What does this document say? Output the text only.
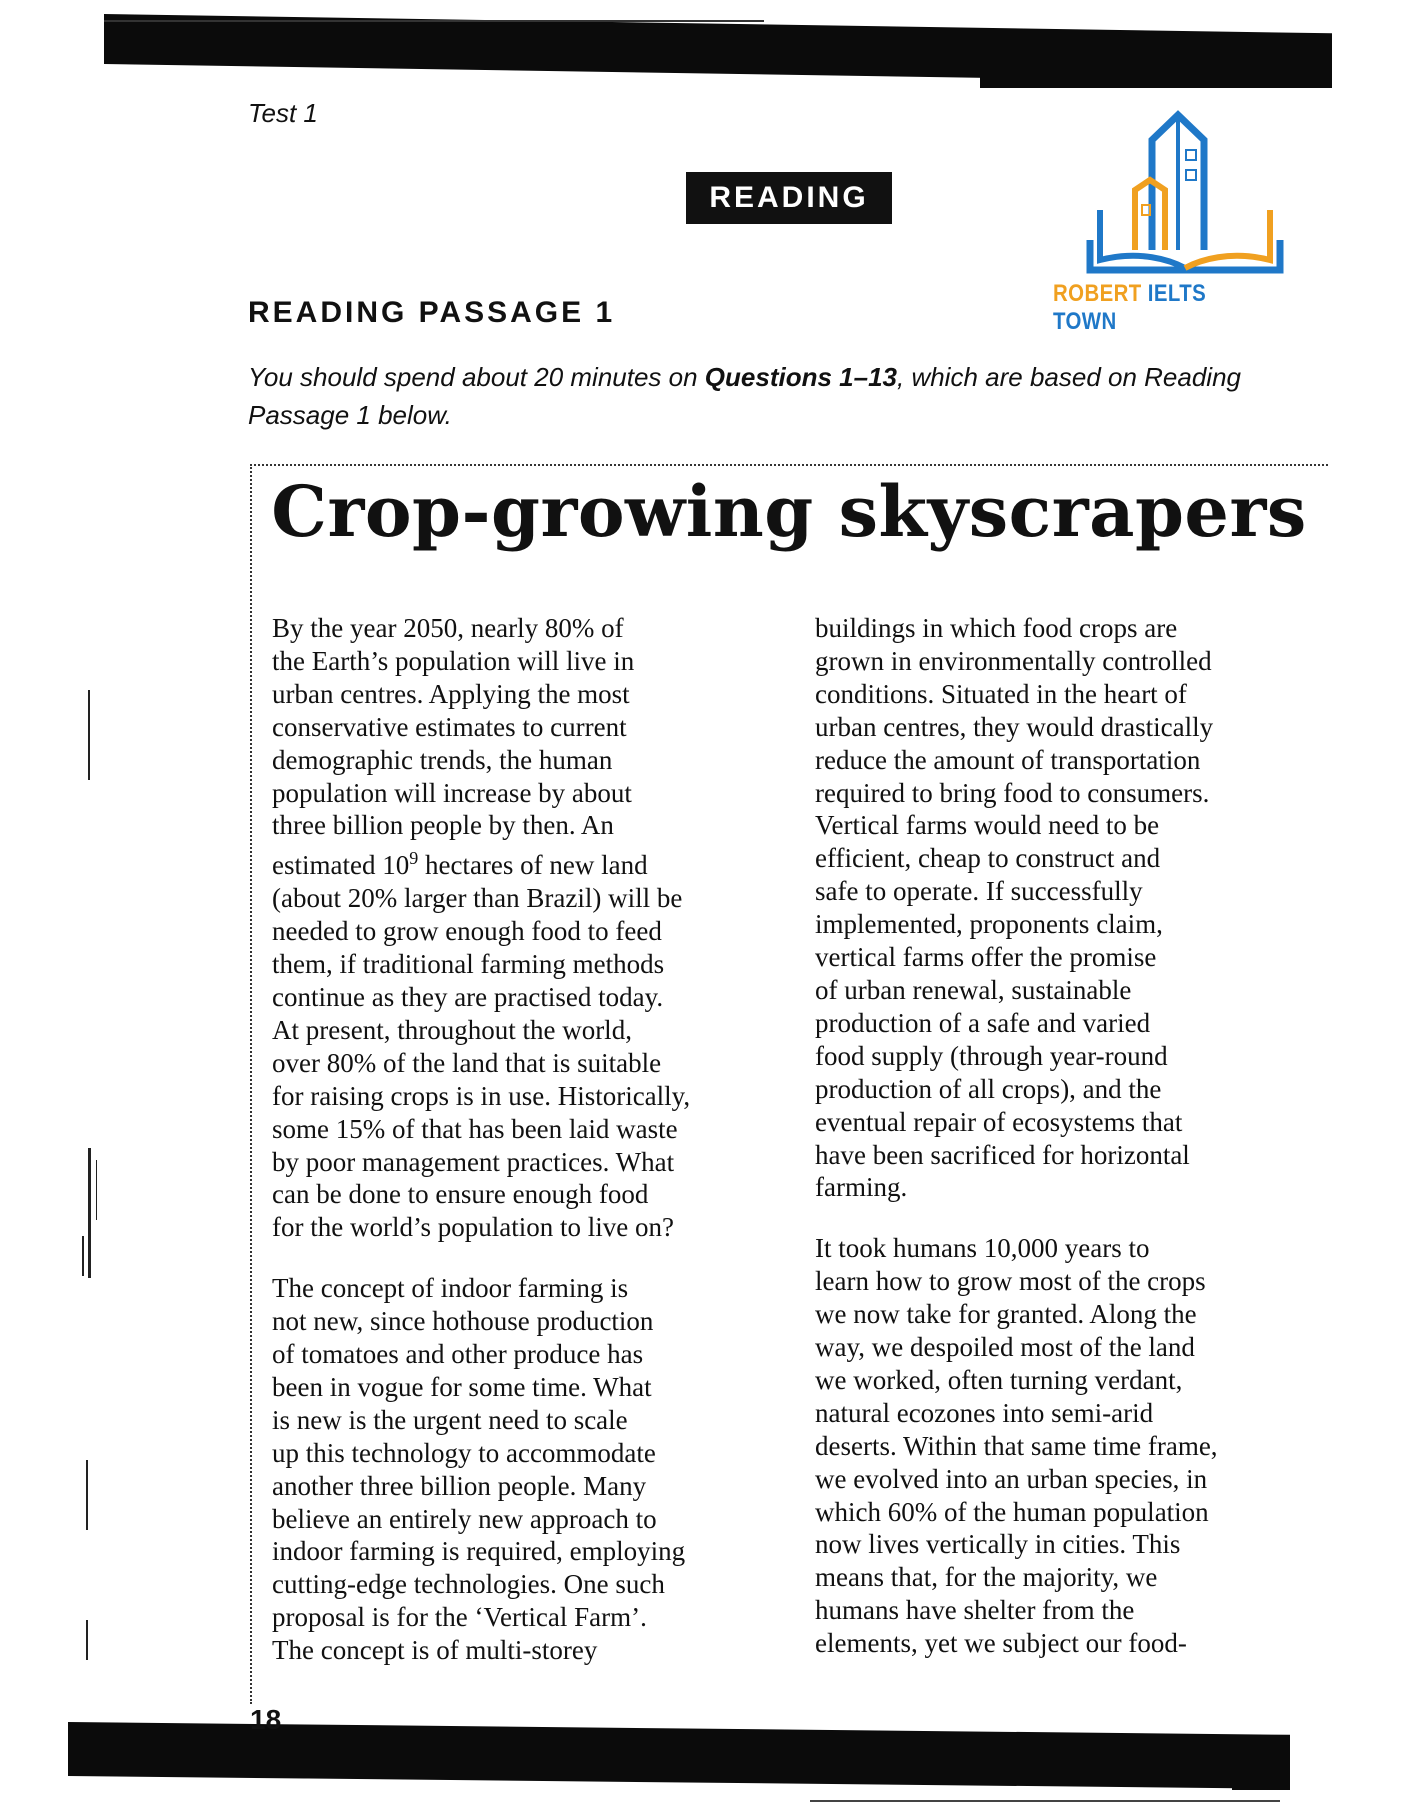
Test 1
READING
ROBERT IELTS TOWN
READING PASSAGE 1
You should spend about 20 minutes on Questions 1–13, which are based on Reading
Passage 1 below.
Crop-growing skyscrapers

By the year 2050, nearly 80% of
the Earth’s population will live in
urban centres. Applying the most
conservative estimates to current
demographic trends, the human
population will increase by about
three billion people by then. An
estimated $10^9$ hectares of new land
(about 20% larger than Brazil) will be
needed to grow enough food to feed
them, if traditional farming methods
continue as they are practised today.
At present, throughout the world,
over 80% of the land that is suitable
for raising crops is in use. Historically,
some 15% of that has been laid waste
by poor management practices. What
can be done to ensure enough food
for the world’s population to live on?

The concept of indoor farming is
not new, since hothouse production
of tomatoes and other produce has
been in vogue for some time. What
is new is the urgent need to scale
up this technology to accommodate
another three billion people. Many
believe an entirely new approach to
indoor farming is required, employing
cutting-edge technologies. One such
proposal is for the ‘Vertical Farm’.
The concept is of multi-storey

buildings in which food crops are
grown in environmentally controlled
conditions. Situated in the heart of
urban centres, they would drastically
reduce the amount of transportation
required to bring food to consumers.
Vertical farms would need to be
efficient, cheap to construct and
safe to operate. If successfully
implemented, proponents claim,
vertical farms offer the promise
of urban renewal, sustainable
production of a safe and varied
food supply (through year-round
production of all crops), and the
eventual repair of ecosystems that
have been sacrificed for horizontal
farming.

It took humans 10,000 years to
learn how to grow most of the crops
we now take for granted. Along the
way, we despoiled most of the land
we worked, often turning verdant,
natural ecozones into semi-arid
deserts. Within that same time frame,
we evolved into an urban species, in
which 60% of the human population
now lives vertically in cities. This
means that, for the majority, we
humans have shelter from the
elements, yet we subject our food-

18
